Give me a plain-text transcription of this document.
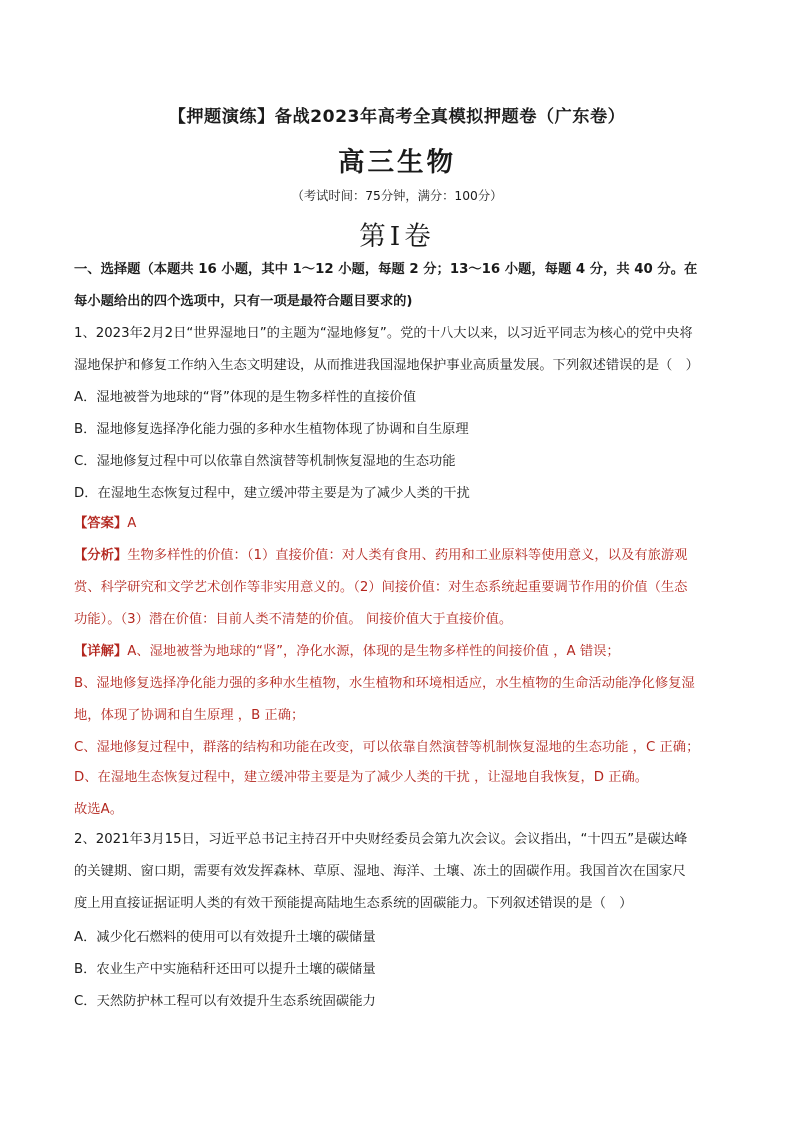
【押题演练】备战2023年高考全真模拟押题卷（广东卷）
高三生物
（考试时间：75分钟，满分：100分）
第Ⅰ卷
一、选择题（本题共 16 小题，其中 1～12 小题，每题 2 分；13～16 小题，每题 4 分，共 40 分。在
每小题给出的四个选项中，只有一项是最符合题目要求的)
1、2023年2月2日“世界湿地日”的主题为“湿地修复”。党的十八大以来，以习近平同志为核心的党中央将
湿地保护和修复工作纳入生态文明建设，从而推进我国湿地保护事业高质量发展。下列叙述错误的是（　）
A．湿地被誉为地球的“肾”体现的是生物多样性的直接价值
B．湿地修复选择净化能力强的多种水生植物体现了协调和自生原理
C．湿地修复过程中可以依靠自然演替等机制恢复湿地的生态功能
D．在湿地生态恢复过程中，建立缓冲带主要是为了减少人类的干扰
【答案】A
【分析】生物多样性的价值：（1）直接价值：对人类有食用、药用和工业原料等使用意义，以及有旅游观
赏、科学研究和文学艺术创作等非实用意义的。（2）间接价值：对生态系统起重要调节作用的价值（生态
功能）。（3）潜在价值：目前人类不清楚的价值。 间接价值大于直接价值。
【详解】A、湿地被誉为地球的“肾”，净化水源，体现的是生物多样性的间接价值 ，A 错误；
B、湿地修复选择净化能力强的多种水生植物，水生植物和环境相适应，水生植物的生命活动能净化修复湿
地，体现了协调和自生原理 ，B 正确；
C、湿地修复过程中，群落的结构和功能在改变，可以依靠自然演替等机制恢复湿地的生态功能 ，C 正确；
D、在湿地生态恢复过程中，建立缓冲带主要是为了减少人类的干扰 ，让湿地自我恢复，D 正确。
故选A。
2、2021年3月15日，习近平总书记主持召开中央财经委员会第九次会议。会议指出，“十四五”是碳达峰
的关键期、窗口期，需要有效发挥森林、草原、湿地、海洋、土壤、冻土的固碳作用。我国首次在国家尺
度上用直接证据证明人类的有效干预能提高陆地生态系统的固碳能力。下列叙述错误的是（　）
A．减少化石燃料的使用可以有效提升土壤的碳储量
B．农业生产中实施秸秆还田可以提升土壤的碳储量
C．天然防护林工程可以有效提升生态系统固碳能力
